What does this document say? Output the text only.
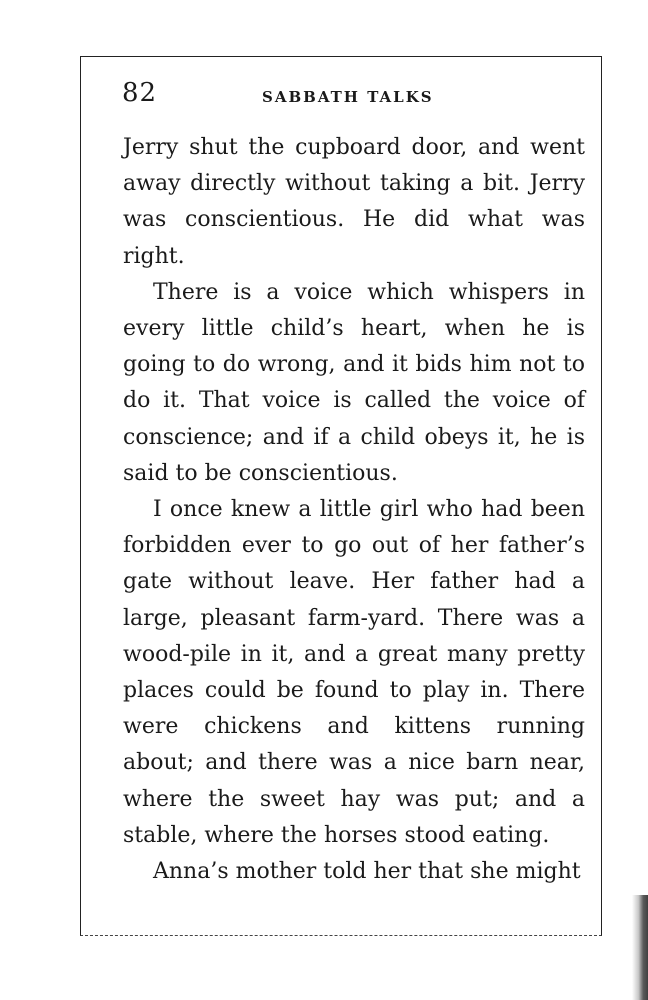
82	SABBATH TALKS

Jerry shut the cupboard door, and went away directly without taking a bit. Jerry was conscientious. He did what was right.

There is a voice which whispers in every little child’s heart, when he is going to do wrong, and it bids him not to do it. That voice is called the voice of conscience; and if a child obeys it, he is said to be conscientious.

I once knew a little girl who had been forbidden ever to go out of her father’s gate without leave. Her father had a large, pleasant farm-yard. There was a wood-pile in it, and a great many pretty places could be found to play in. There were chickens and kittens running about; and there was a nice barn near, where the sweet hay was put; and a stable, where the horses stood eating.

Anna’s mother told her that she might
